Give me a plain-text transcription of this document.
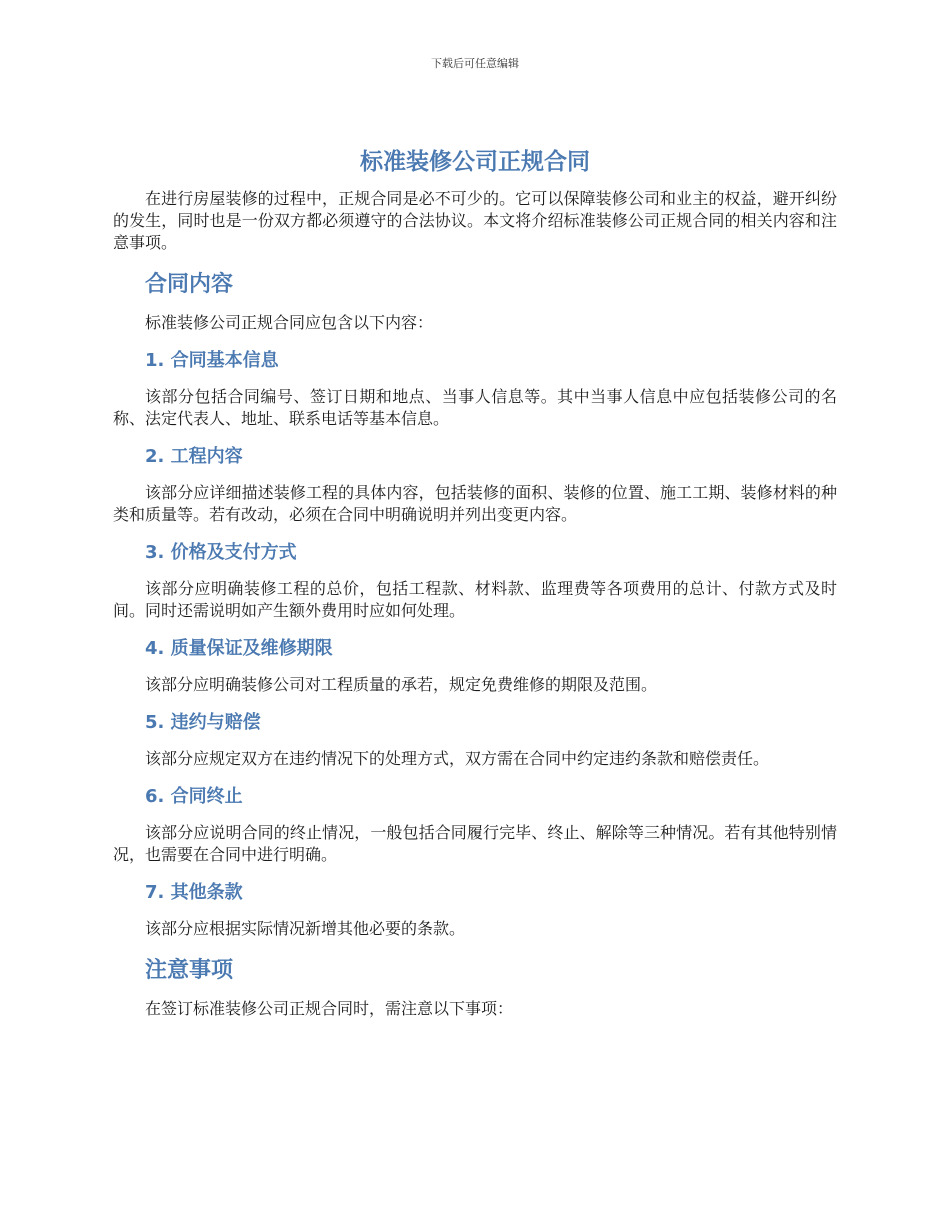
下载后可任意编辑
标准装修公司正规合同

在进行房屋装修的过程中，正规合同是必不可少的。它可以保障装修公司和业主的权益，避开纠纷的发生，同时也是一份双方都必须遵守的合法协议。本文将介绍标准装修公司正规合同的相关内容和注意事项。

合同内容

标准装修公司正规合同应包含以下内容：

1. 合同基本信息

该部分包括合同编号、签订日期和地点、当事人信息等。其中当事人信息中应包括装修公司的名称、法定代表人、地址、联系电话等基本信息。

2. 工程内容

该部分应详细描述装修工程的具体内容，包括装修的面积、装修的位置、施工工期、装修材料的种类和质量等。若有改动，必须在合同中明确说明并列出变更内容。

3. 价格及支付方式

该部分应明确装修工程的总价，包括工程款、材料款、监理费等各项费用的总计、付款方式及时间。同时还需说明如产生额外费用时应如何处理。

4. 质量保证及维修期限

该部分应明确装修公司对工程质量的承若，规定免费维修的期限及范围。

5. 违约与赔偿

该部分应规定双方在违约情况下的处理方式，双方需在合同中约定违约条款和赔偿责任。

6. 合同终止

该部分应说明合同的终止情况，一般包括合同履行完毕、终止、解除等三种情况。若有其他特别情况，也需要在合同中进行明确。

7. 其他条款

该部分应根据实际情况新增其他必要的条款。

注意事项

在签订标准装修公司正规合同时，需注意以下事项：
